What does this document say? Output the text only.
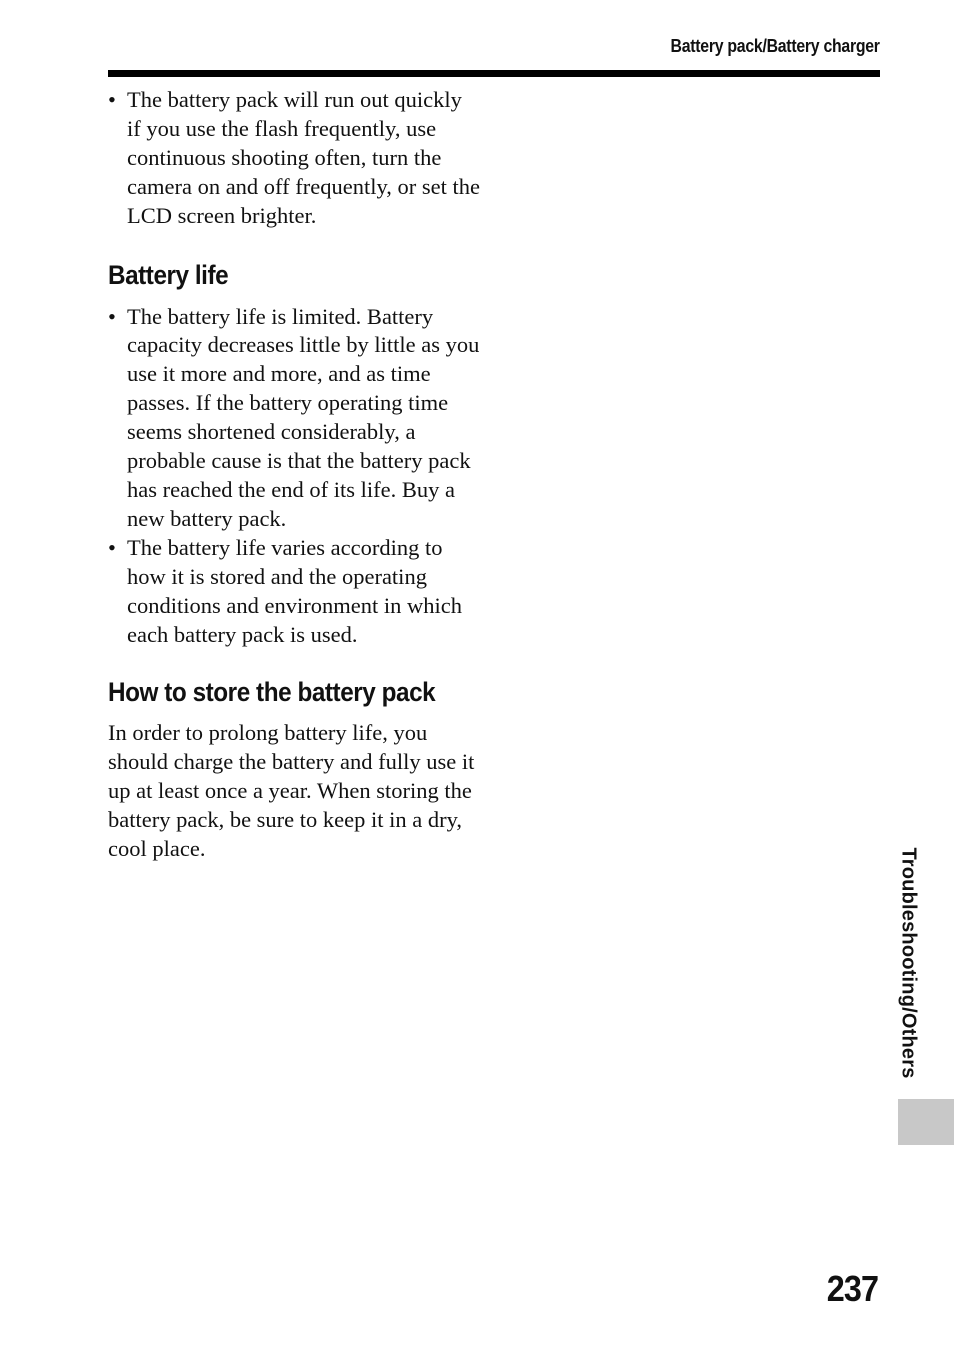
Battery pack/Battery charger
• The battery pack will run out quickly if you use the flash frequently, use continuous shooting often, turn the camera on and off frequently, or set the LCD screen brighter.
Battery life
• The battery life is limited. Battery capacity decreases little by little as you use it more and more, and as time passes. If the battery operating time seems shortened considerably, a probable cause is that the battery pack has reached the end of its life. Buy a new battery pack.
• The battery life varies according to how it is stored and the operating conditions and environment in which each battery pack is used.
How to store the battery pack

In order to prolong battery life, you should charge the battery and fully use it up at least once a year. When storing the battery pack, be sure to keep it in a dry, cool place.	Troubleshooting/Others
237
